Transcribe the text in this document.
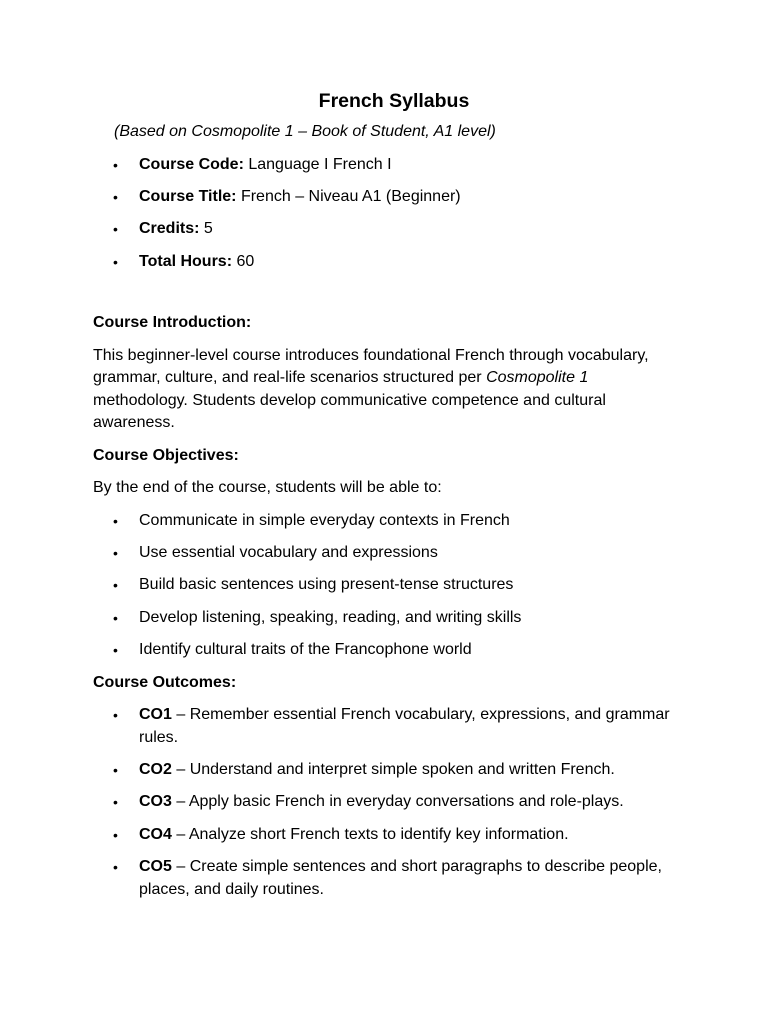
French Syllabus
(Based on Cosmopolite 1 – Book of Student, A1 level)
• Course Code: Language I French I
• Course Title: French – Niveau A1 (Beginner)
• Credits: 5
• Total Hours: 60
Course Introduction:
This beginner-level course introduces foundational French through vocabulary, grammar, culture, and real-life scenarios structured per Cosmopolite 1 methodology. Students develop communicative competence and cultural awareness.
Course Objectives:
By the end of the course, students will be able to:
• Communicate in simple everyday contexts in French
• Use essential vocabulary and expressions
• Build basic sentences using present-tense structures
• Develop listening, speaking, reading, and writing skills
• Identify cultural traits of the Francophone world
Course Outcomes:
• CO1 – Remember essential French vocabulary, expressions, and grammar rules.
• CO2 – Understand and interpret simple spoken and written French.
• CO3 – Apply basic French in everyday conversations and role-plays.
• CO4 – Analyze short French texts to identify key information.
• CO5 – Create simple sentences and short paragraphs to describe people, places, and daily routines.
